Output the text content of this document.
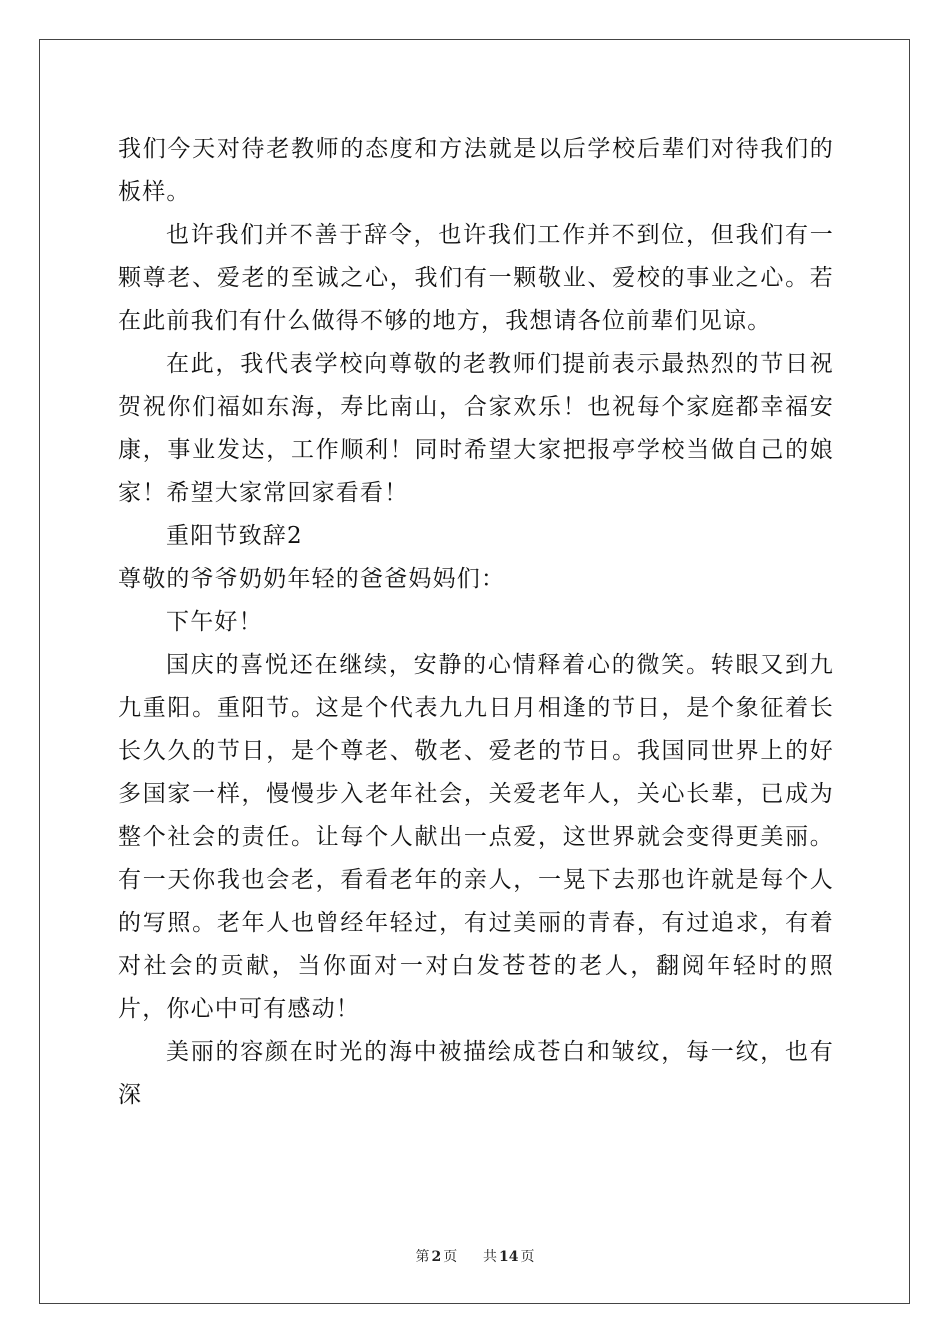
我们今天对待老教师的态度和方法就是以后学校后辈们对待我们的板样。

也许我们并不善于辞令，也许我们工作并不到位，但我们有一颗尊老、爱老的至诚之心，我们有一颗敬业、爱校的事业之心。若在此前我们有什么做得不够的地方，我想请各位前辈们见谅。

在此，我代表学校向尊敬的老教师们提前表示最热烈的节日祝贺祝你们福如东海，寿比南山，合家欢乐！也祝每个家庭都幸福安康，事业发达，工作顺利！同时希望大家把报亭学校当做自己的娘家！希望大家常回家看看！

重阳节致辞2

尊敬的爷爷奶奶年轻的爸爸妈妈们：

下午好！

国庆的喜悦还在继续，安静的心情释着心的微笑。转眼又到九九重阳。重阳节。这是个代表九九日月相逢的节日，是个象征着长长久久的节日，是个尊老、敬老、爱老的节日。我国同世界上的好多国家一样，慢慢步入老年社会，关爱老年人，关心长辈，已成为整个社会的责任。让每个人献出一点爱，这世界就会变得更美丽。有一天你我也会老，看看老年的亲人，一晃下去那也许就是每个人的写照。老年人也曾经年轻过，有过美丽的青春，有过追求，有着对社会的贡献，当你面对一对白发苍苍的老人，翻阅年轻时的照片，你心中可有感动！

美丽的容颜在时光的海中被描绘成苍白和皱纹，每一纹，也有深

第 2 页 共 14 页
